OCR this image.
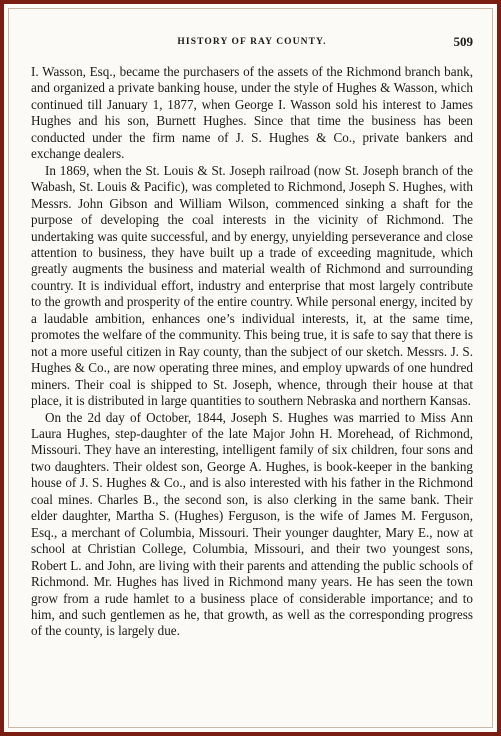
HISTORY OF RAY COUNTY.	509

I. Wasson, Esq., became the purchasers of the assets of the Richmond branch bank, and organized a private banking house, under the style of Hughes & Wasson, which continued till January 1, 1877, when George I. Wasson sold his interest to James Hughes and his son, Burnett Hughes. Since that time the business has been conducted under the firm name of J. S. Hughes & Co., private bankers and exchange dealers.

In 1869, when the St. Louis & St. Joseph railroad (now St. Joseph branch of the Wabash, St. Louis & Pacific), was completed to Richmond, Joseph S. Hughes, with Messrs. John Gibson and William Wilson, commenced sinking a shaft for the purpose of developing the coal interests in the vicinity of Richmond. The undertaking was quite successful, and by energy, unyielding perseverance and close attention to business, they have built up a trade of exceeding magnitude, which greatly augments the business and material wealth of Richmond and surrounding country. It is individual effort, industry and enterprise that most largely contribute to the growth and prosperity of the entire country. While personal energy, incited by a laudable ambition, enhances one’s individual interests, it, at the same time, promotes the welfare of the community. This being true, it is safe to say that there is not a more useful citizen in Ray county, than the subject of our sketch. Messrs. J. S. Hughes & Co., are now operating three mines, and employ upwards of one hundred miners. Their coal is shipped to St. Joseph, whence, through their house at that place, it is distributed in large quantities to southern Nebraska and northern Kansas.

On the 2d day of October, 1844, Joseph S. Hughes was married to Miss Ann Laura Hughes, step-daughter of the late Major John H. Morehead, of Richmond, Missouri. They have an interesting, intelligent family of six children, four sons and two daughters. Their oldest son, George A. Hughes, is book-keeper in the banking house of J. S. Hughes & Co., and is also interested with his father in the Richmond coal mines. Charles B., the second son, is also clerking in the same bank. Their elder daughter, Martha S. (Hughes) Ferguson, is the wife of James M. Ferguson, Esq., a merchant of Columbia, Missouri. Their younger daughter, Mary E., now at school at Christian College, Columbia, Missouri, and their two youngest sons, Robert L. and John, are living with their parents and attending the public schools of Richmond. Mr. Hughes has lived in Richmond many years. He has seen the town grow from a rude hamlet to a business place of considerable importance; and to him, and such gentlemen as he, that growth, as well as the corresponding progress of the county, is largely due.
